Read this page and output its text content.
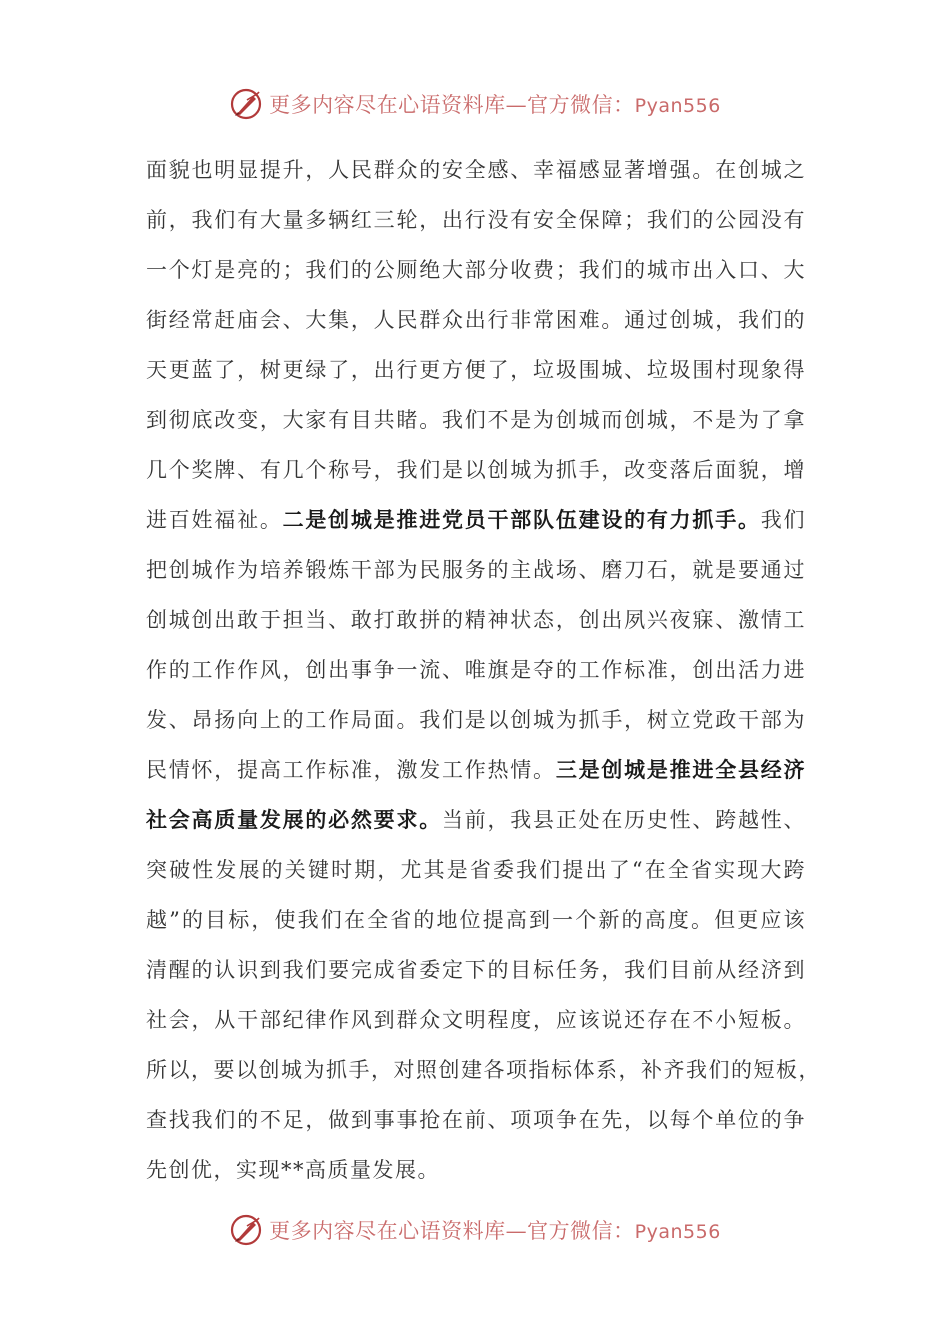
更多内容尽在心语资料库—官方微信：Pyan556
面貌也明显提升，人民群众的安全感、幸福感显著增强。在创城之
前，我们有大量多辆红三轮，出行没有安全保障；我们的公园没有
一个灯是亮的；我们的公厕绝大部分收费；我们的城市出入口、大
街经常赶庙会、大集，人民群众出行非常困难。通过创城，我们的
天更蓝了，树更绿了，出行更方便了，垃圾围城、垃圾围村现象得
到彻底改变，大家有目共睹。我们不是为创城而创城，不是为了拿
几个奖牌、有几个称号，我们是以创城为抓手，改变落后面貌，增
进百姓福祉。二是创城是推进党员干部队伍建设的有力抓手。我们
把创城作为培养锻炼干部为民服务的主战场、磨刀石，就是要通过
创城创出敢于担当、敢打敢拼的精神状态，创出夙兴夜寐、激情工
作的工作作风，创出事争一流、唯旗是夺的工作标准，创出活力进
发、昂扬向上的工作局面。我们是以创城为抓手，树立党政干部为
民情怀，提高工作标准，激发工作热情。三是创城是推进全县经济
社会高质量发展的必然要求。当前，我县正处在历史性、跨越性、
突破性发展的关键时期，尤其是省委我们提出了“在全省实现大跨
越”的目标，使我们在全省的地位提高到一个新的高度。但更应该
清醒的认识到我们要完成省委定下的目标任务，我们目前从经济到
社会，从干部纪律作风到群众文明程度，应该说还存在不小短板。
所以，要以创城为抓手，对照创建各项指标体系，补齐我们的短板，
查找我们的不足，做到事事抢在前、项项争在先，以每个单位的争
先创优，实现**高质量发展。
更多内容尽在心语资料库—官方微信：Pyan556
